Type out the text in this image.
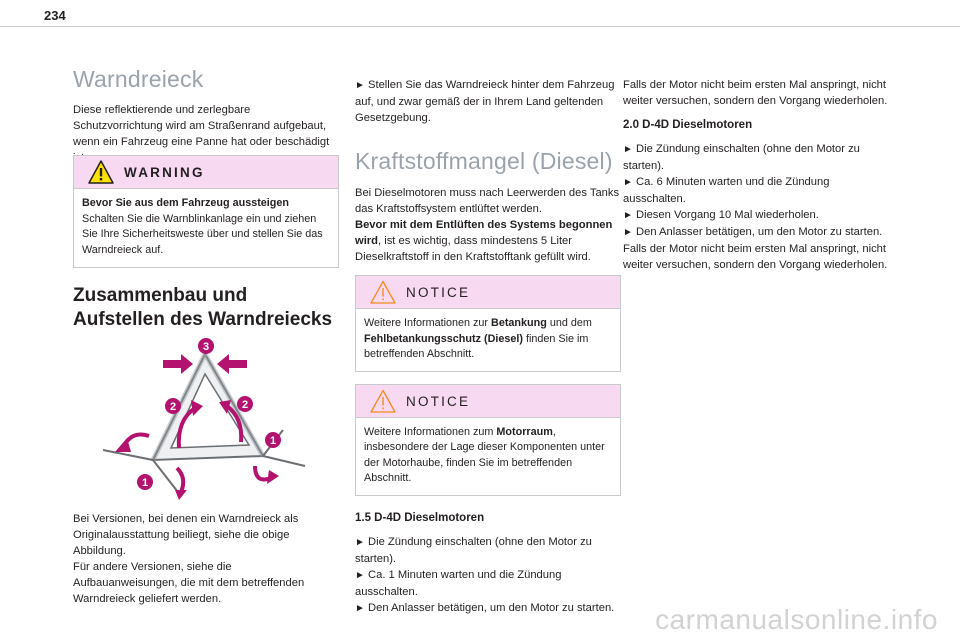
234
Warndreieck

Diese reflektierende und zerlegbare Schutzvorrichtung wird am Straßenrand aufgebaut, wenn ein Fahrzeug eine Panne hat oder beschädigt

WARNING

Bevor Sie aus dem Fahrzeug aussteigen
Schalten Sie die Warnblinkanlage ein und ziehen Sie Ihre Sicherheitsweste über und stellen Sie das Warndreieck auf.

Zusammenbau und Aufstellen des Warndreiecks
3
2	2
1
1

Bei Versionen, bei denen ein Warndreieck als Originalausstattung beiliegt, siehe die obige Abbildung.

Für andere Versionen, siehe die Aufbauanweisungen, die mit dem betreffenden Warndreieck geliefert werden.

► Stellen Sie das Warndreieck hinter dem Fahrzeug auf, und zwar gemäß der in Ihrem Land geltenden Gesetzgebung.

Kraftstoffmangel (Diesel)

Bei Dieselmotoren muss nach Leerwerden des Tanks das Kraftstoffsystem entlüftet werden.

Bevor mit dem Entlüften des Systems begonnen wird, ist es wichtig, dass mindestens 5 Liter Dieselkraftstoff in den Kraftstofftank gefüllt wird.

NOTICE

Weitere Informationen zur Betankung und dem Fehlbetankungsschutz (Diesel) finden Sie im betreffenden Abschnitt.

NOTICE

Weitere Informationen zum Motorraum, insbesondere der Lage dieser Komponenten unter der Motorhaube, finden Sie im betreffenden Abschnitt.

1.5 D-4D Dieselmotoren

► Die Zündung einschalten (ohne den Motor zu starten).

► Ca. 1 Minuten warten und die Zündung ausschalten.

► Den Anlasser betätigen, um den Motor zu starten.

Falls der Motor nicht beim ersten Mal anspringt, nicht weiter versuchen, sondern den Vorgang wiederholen.

2.0 D-4D Dieselmotoren

► Die Zündung einschalten (ohne den Motor zu starten).

► Ca. 6 Minuten warten und die Zündung ausschalten.

► Diesen Vorgang 10 Mal wiederholen.

► Den Anlasser betätigen, um den Motor zu starten.

Falls der Motor nicht beim ersten Mal anspringt, nicht weiter versuchen, sondern den Vorgang wiederholen.

carmanualsonline.info
